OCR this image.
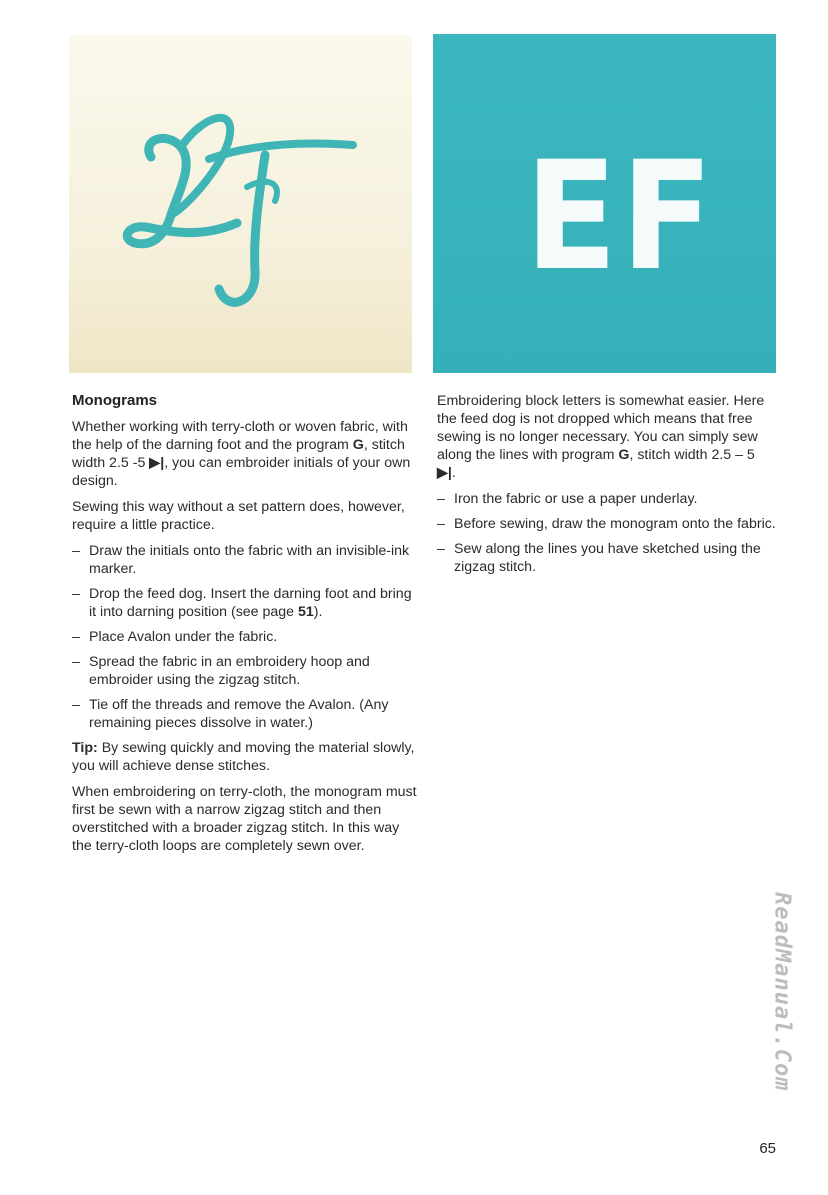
EF
Monograms

Whether working with terry-cloth or woven fabric, with the help of the darning foot and the program G, stitch width 2.5 -5 ▶|, you can embroider initials of your own design.

Sewing this way without a set pattern does, however, require a little practice.

– Draw the initials onto the fabric with an invisible-ink marker.
– Drop the feed dog. Insert the darning foot and bring it into darning position (see page 51).
– Place Avalon under the fabric.
– Spread the fabric in an embroidery hoop and embroider using the zigzag stitch.
– Tie off the threads and remove the Avalon. (Any remaining pieces dissolve in water.)

Tip: By sewing quickly and moving the material slowly, you will achieve dense stitches.

When embroidering on terry-cloth, the monogram must first be sewn with a narrow zigzag stitch and then overstitched with a broader zigzag stitch. In this way the terry-cloth loops are completely sewn over.

Embroidering block letters is somewhat easier. Here the feed dog is not dropped which means that free sewing is no longer necessary. You can simply sew along the lines with program G, stitch width 2.5 – 5 ▶|.

– Iron the fabric or use a paper underlay.
– Before sewing, draw the monogram onto the fabric.
– Sew along the lines you have sketched using the zigzag stitch.
ReadManual.Com
65
